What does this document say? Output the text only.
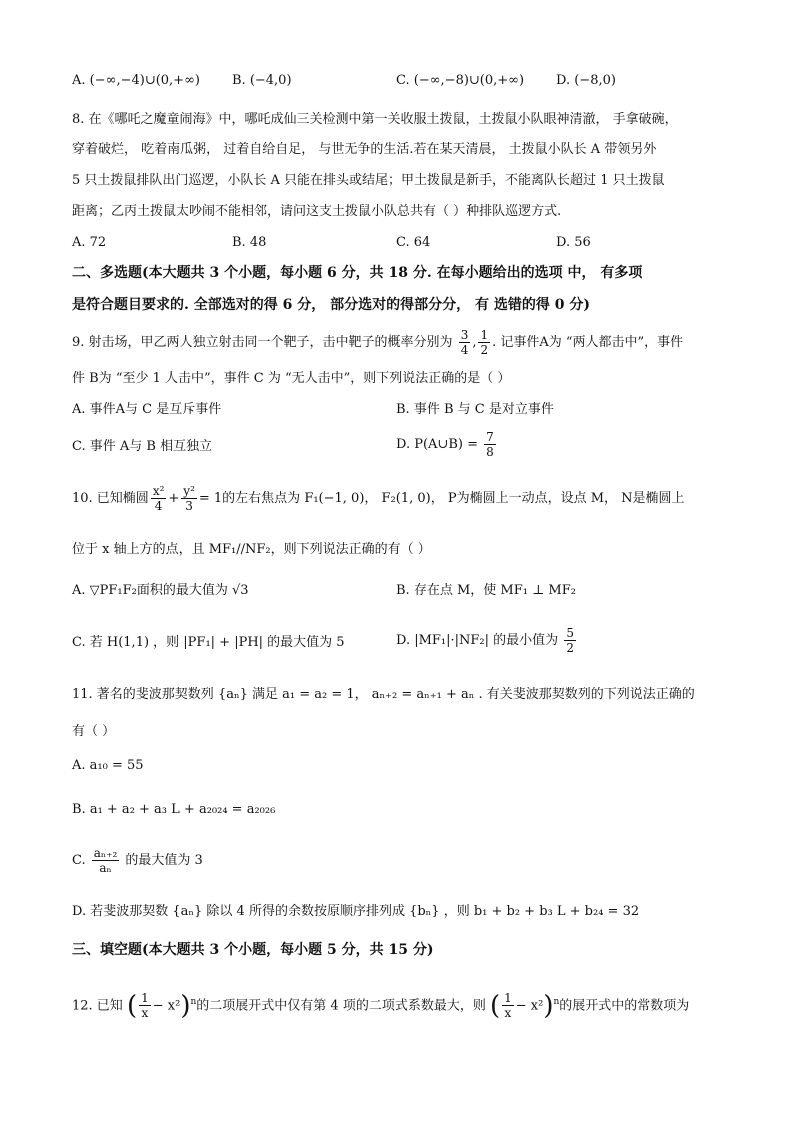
A. (−∞,−4)∪(0,+∞) B. (−4,0)	C. (−∞,−8)∪(0,+∞) D. (−8,0)
8. 在《哪吒之魔童闹海》中，哪吒成仙三关检测中第一关收服土拨鼠，土拨鼠小队眼神清澈， 手拿破碗，
穿着破烂， 吃着南瓜粥， 过着自给自足， 与世无争的生活.若在某天清晨， 土拨鼠小队长 A 带领另外
5 只土拨鼠排队出门巡逻，小队长 A 只能在排头或结尾；甲土拨鼠是新手，不能离队长超过 1 只土拨鼠
距离；乙丙土拨鼠太吵闹不能相邻，请问这支土拨鼠小队总共有（ ）种排队巡逻方式.
A. 72	B. 48	C. 64	D. 56
二、多选题(本大题共 3 个小题，每小题 6 分，共 18 分. 在每小题给出的选项 中， 有多项
是符合题目要求的. 全部选对的得 6 分， 部分选对的得部分分， 有 选错的得 0 分)
9. 射击场，甲乙两人独立射击同一个靶子，击中靶子的概率分别为 $\frac{3}{4}$ , $\frac{1}{2}$ . 记事件A为 “两人都击中”，事件
件 B为 “至少 1 人击中”，事件 C 为 “无人击中”，则下列说法正确的是（ ）
A. 事件A与 C 是互斥事件	B. 事件 B 与 C 是对立事件
C. 事件 A与 B 相互独立	D. P(A∪B) = $\frac{7}{8}$
10. 已知椭圆 $\frac{\text{x²}}{4} + \frac{\text{y²}}{3} = 1$的左右焦点为 F₁(−1, 0)， F₂(1, 0)， P为椭圆上一动点，设点 M， N是椭圆上
位于 x 轴上方的点，且 MF₁//NF₂，则下列说法正确的有（ ）
A. ▽PF₁F₂面积的最大值为 √3	B. 存在点 M，使 MF₁ ⊥ MF₂
C. 若 H(1,1) ，则 |PF₁| + |PH| 的最大值为 5	D. |MF₁|·|NF₂| 的最小值为 $\frac{5}{2}$
11. 著名的斐波那契数列 {aₙ} 满足 a₁ = a₂ = 1， aₙ₊₂ = aₙ₊₁ + aₙ . 有关斐波那契数列的下列说法正确的
有（ ）
A. a₁₀ = 55
B. a₁ + a₂ + a₃ L + a₂₀₂₄ = a₂₀₂₆
C. $\frac{\text{aₙ₊₂}}{\text{aₙ}}$ 的最大值为 3
D. 若斐波那契数 {aₙ} 除以 4 所得的余数按原顺序排列成 {bₙ} ，则 b₁ + b₂ + b₃ L + b₂₄ = 32
三、填空题(本大题共 3 个小题，每小题 5 分，共 15 分)
12. 已知 ( $\frac{1}{x} - x^2)^n$的二项展开式中仅有第 4 项的二项式系数最大，则 ( $\frac{1}{x} - x^2)^n$的展开式中的常数项为
